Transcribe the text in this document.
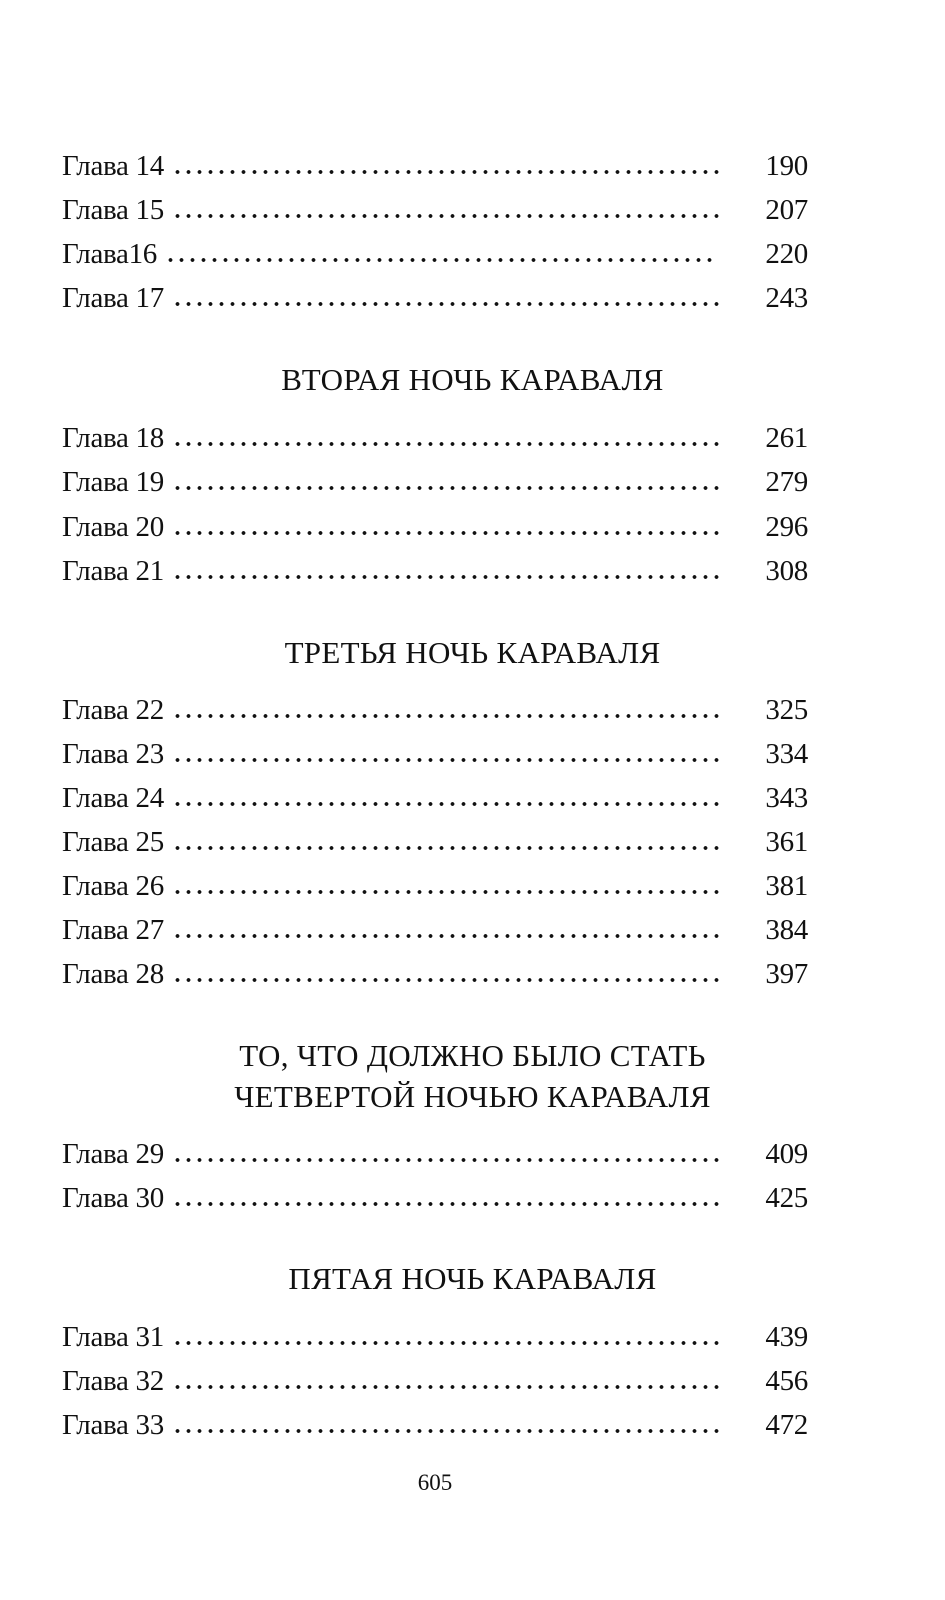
Глава 14	190
Глава 15	207
Глава16	220
Глава 17	243
ВТОРАЯ НОЧЬ КАРАВАЛЯ
Глава 18	261
Глава 19	279
Глава 20	296
Глава 21	308
ТРЕТЬЯ НОЧЬ КАРАВАЛЯ
Глава 22	325
Глава 23	334
Глава 24	343
Глава 25	361
Глава 26	381
Глава 27	384
Глава 28	397
ТО, ЧТО ДОЛЖНО БЫЛО СТАТЬ
ЧЕТВЕРТОЙ НОЧЬЮ КАРАВАЛЯ
Глава 29	409
Глава 30	425
ПЯТАЯ НОЧЬ КАРАВАЛЯ
Глава 31	439
Глава 32	456
Глава 33	472
605
